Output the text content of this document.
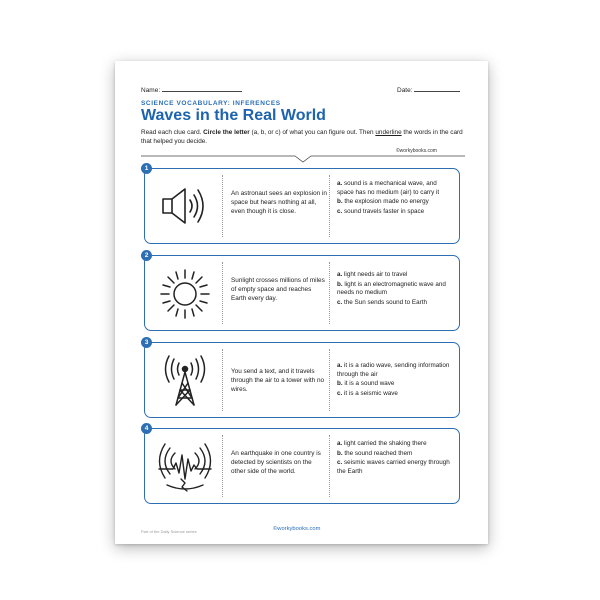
Name:	Date:
SCIENCE VOCABULARY: INFERENCES
Waves in the Real World
Read each clue card. Circle the letter (a, b, or c) of what you can figure out. Then underline the words in the card that helped you decide.
©workybooks.com
1
An astronaut sees an explosion in space but hears nothing at all, even though it is close.
a. sound is a mechanical wave, and space has no medium (air) to carry it
b. the explosion made no energy
c. sound travels faster in space
2
Sunlight crosses millions of miles of empty space and reaches Earth every day.
a. light needs air to travel
b. light is an electromagnetic wave and needs no medium
c. the Sun sends sound to Earth
3
You send a text, and it travels through the air to a tower with no wires.
a. it is a radio wave, sending information through the air
b. it is a sound wave
c. it is a seismic wave
4
An earthquake in one country is detected by scientists on the other side of the world.
a. light carried the shaking there
b. the sound reached them
c. seismic waves carried energy through the Earth
Part of the Daily Science series	©workybooks.com
